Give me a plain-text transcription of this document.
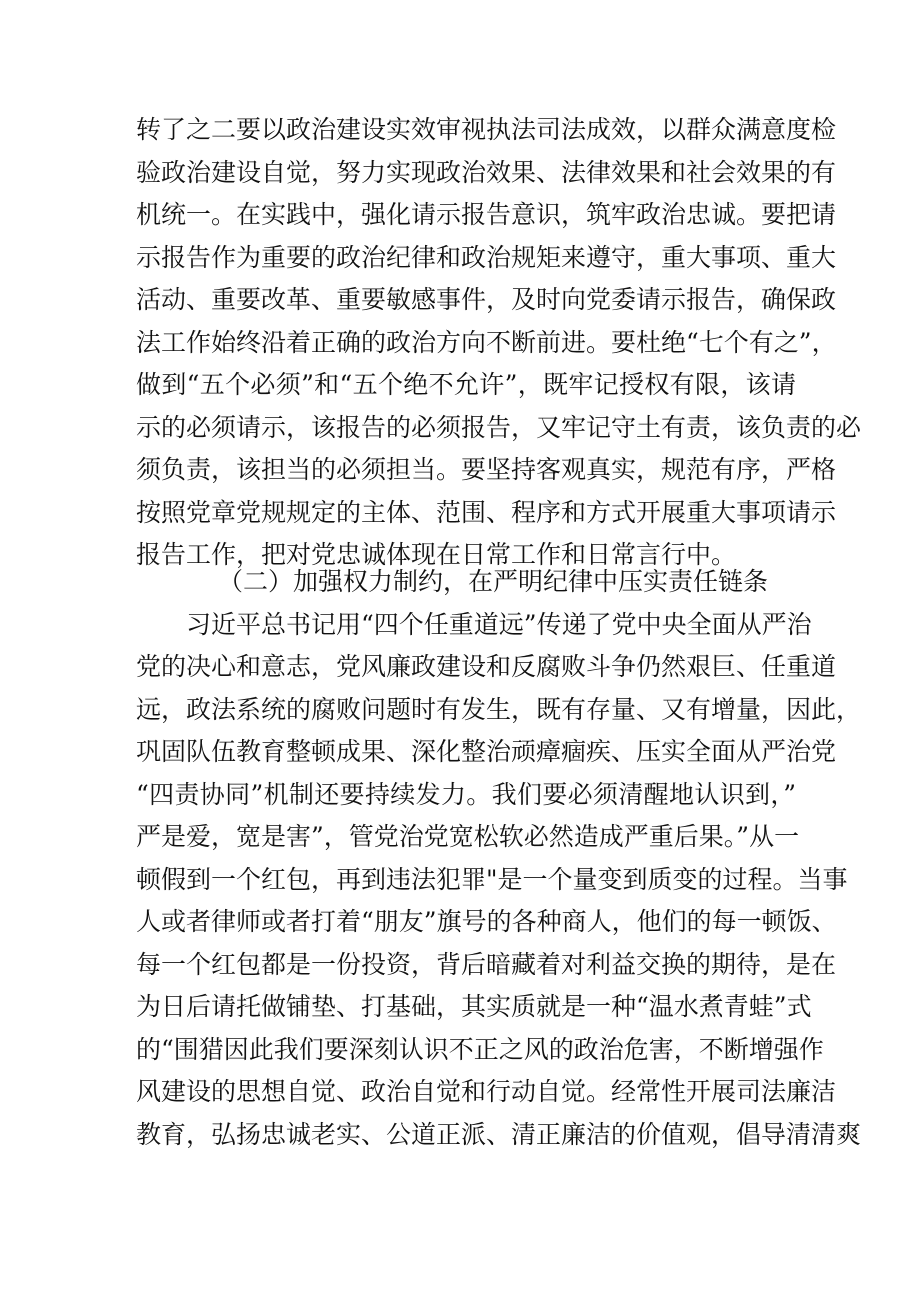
转了之二要以政治建设实效审视执法司法成效，以群众满意度检
验政治建设自觉，努力实现政治效果、法律效果和社会效果的有
机统一。在实践中，强化请示报告意识，筑牢政治忠诚。要把请
示报告作为重要的政治纪律和政治规矩来遵守，重大事项、重大
活动、重要改革、重要敏感事件，及时向党委请示报告，确保政
法工作始终沿着正确的政治方向不断前进。要杜绝“七个有之”，
做到“五个必须”和“五个绝不允许”，既牢记授权有限，该请
示的必须请示，该报告的必须报告，又牢记守土有责，该负责的必
须负责，该担当的必须担当。要坚持客观真实，规范有序，严格
按照党章党规规定的主体、范围、程序和方式开展重大事项请示
报告工作，把对党忠诚体现在日常工作和日常言行中。
（二）加强权力制约，在严明纪律中压实责任链条
习近平总书记用“四个任重道远”传递了党中央全面从严治
党的决心和意志，党风廉政建设和反腐败斗争仍然艰巨、任重道
远，政法系统的腐败问题时有发生，既有存量、又有增量，因此，
巩固队伍教育整顿成果、深化整治顽瘴痼疾、压实全面从严治党
“四责协同”机制还要持续发力。我们要必须清醒地认识到，”
严是爱，宽是害”，管党治党宽松软必然造成严重后果。”从一
顿假到一个红包，再到违法犯罪"是一个量变到质变的过程。当事
人或者律师或者打着“朋友”旗号的各种商人，他们的每一顿饭、
每一个红包都是一份投资，背后暗藏着对利益交换的期待，是在
为日后请托做铺垫、打基础，其实质就是一种“温水煮青蛙”式
的“围猎因此我们要深刻认识不正之风的政治危害，不断增强作
风建设的思想自觉、政治自觉和行动自觉。经常性开展司法廉洁
教育，弘扬忠诚老实、公道正派、清正廉洁的价值观，倡导清清爽
